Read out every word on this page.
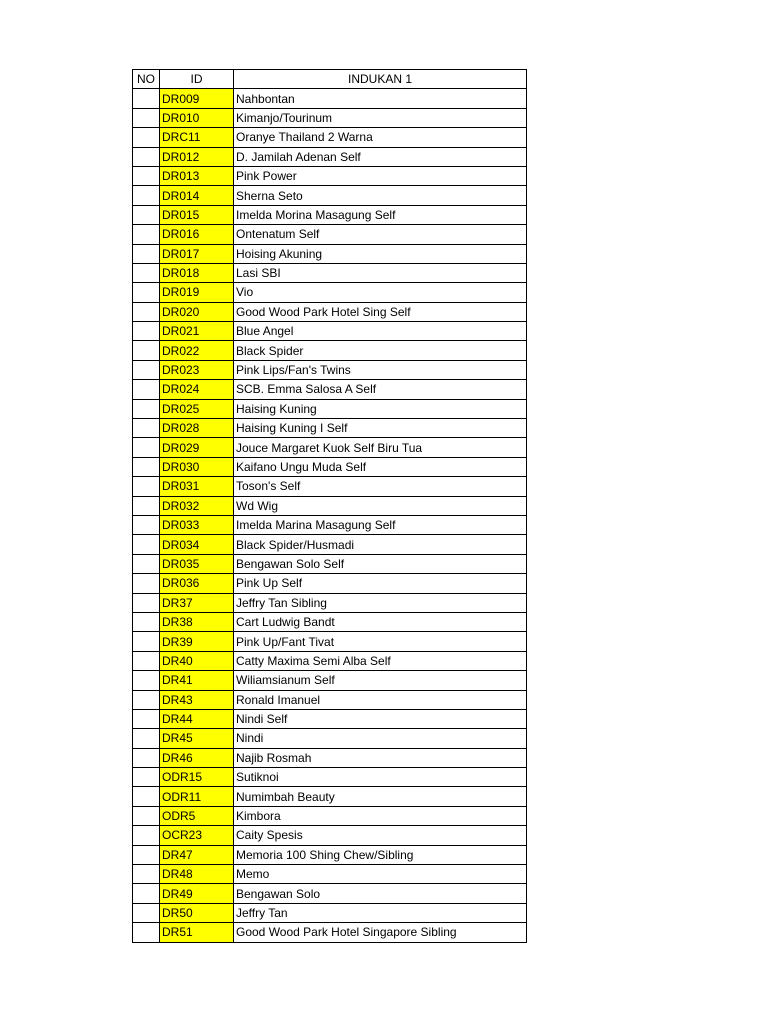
NO	ID	INDUKAN 1
	DR009	Nahbontan
	DR010	Kimanjo/Tourinum
	DRC11	Oranye Thailand 2 Warna
	DR012	D. Jamilah Adenan Self
	DR013	Pink Power
	DR014	Sherna Seto
	DR015	Imelda Morina Masagung Self
	DR016	Ontenatum Self
	DR017	Hoising Akuning
	DR018	Lasi SBI
	DR019	Vio
	DR020	Good Wood Park Hotel Sing Self
	DR021	Blue Angel
	DR022	Black Spider
	DR023	Pink Lips/Fan's Twins
	DR024	SCB. Emma Salosa A Self
	DR025	Haising Kuning
	DR028	Haising Kuning I Self
	DR029	Jouce Margaret Kuok Self Biru Tua
	DR030	Kaifano Ungu Muda Self
	DR031	Toson's Self
	DR032	Wd Wig
	DR033	Imelda Marina Masagung Self
	DR034	Black Spider/Husmadi
	DR035	Bengawan Solo Self
	DR036	Pink Up Self
	DR37	Jeffry Tan Sibling
	DR38	Cart Ludwig Bandt
	DR39	Pink Up/Fant Tivat
	DR40	Catty Maxima Semi Alba Self
	DR41	Wiliamsianum Self
	DR43	Ronald Imanuel
	DR44	Nindi Self
	DR45	Nindi
	DR46	Najib Rosmah
	ODR15	Sutiknoi
	ODR11	Numimbah Beauty
	ODR5	Kimbora
	OCR23	Caity Spesis
	DR47	Memoria 100 Shing Chew/Sibling
	DR48	Memo
	DR49	Bengawan Solo
	DR50	Jeffry Tan
	DR51	Good Wood Park Hotel Singapore Sibling
